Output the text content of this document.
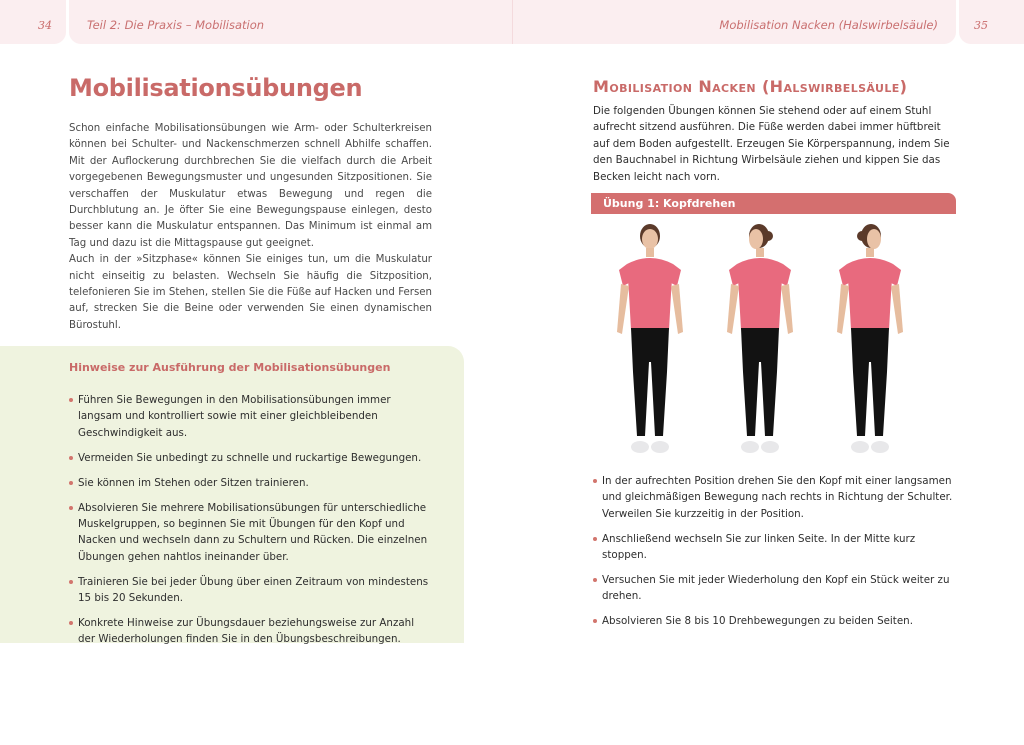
34	Teil 2: Die Praxis – Mobilisation	Mobilisation Nacken (Halswirbelsäule)	35
Mobilisationsübungen

Schon einfache Mobilisationsübungen wie Arm- oder Schulterkreisen können bei Schulter- und Nackenschmerzen schnell Abhilfe schaffen. Mit der Auflockerung durchbrechen Sie die vielfach durch die Arbeit vorgegebenen Bewegungsmuster und ungesunden Sitzpositionen. Sie verschaffen der Muskulatur etwas Bewegung und regen die Durchblutung an. Je öfter Sie eine Bewegungspause einlegen, desto besser kann die Muskulatur entspannen. Das Minimum ist einmal am Tag und dazu ist die Mittagspause gut geeignet.

Auch in der »Sitzphase« können Sie einiges tun, um die Muskulatur nicht einseitig zu belasten. Wechseln Sie häufig die Sitzposition, telefonieren Sie im Stehen, stellen Sie die Füße auf Hacken und Fersen auf, strecken Sie die Beine oder verwenden Sie einen dynamischen Bürostuhl.

Hinweise zur Ausführung der Mobilisationsübungen
Führen Sie Bewegungen in den Mobilisationsübungen immer langsam und kontrolliert sowie mit einer gleichbleibenden Geschwindigkeit aus.
Vermeiden Sie unbedingt zu schnelle und ruckartige Bewegungen.
Sie können im Stehen oder Sitzen trainieren.
Absolvieren Sie mehrere Mobilisationsübungen für unterschiedliche Muskelgruppen, so beginnen Sie mit Übungen für den Kopf und Nacken und wechseln dann zu Schultern und Rücken. Die einzelnen Übungen gehen nahtlos ineinander über.
Trainieren Sie bei jeder Übung über einen Zeitraum von mindestens 15 bis 20 Sekunden.
Konkrete Hinweise zur Übungsdauer beziehungsweise zur Anzahl der Wiederholungen finden Sie in den Übungsbeschreibungen.
Mobilisation Nacken (Halswirbelsäule)

Die folgenden Übungen können Sie stehend oder auf einem Stuhl aufrecht sitzend ausführen. Die Füße werden dabei immer hüftbreit auf dem Boden aufgestellt. Erzeugen Sie Körperspannung, indem Sie den Bauchnabel in Richtung Wirbelsäule ziehen und kippen Sie das Becken leicht nach vorn.

Übung 1: Kopfdrehen
In der aufrechten Position drehen Sie den Kopf mit einer langsamen und gleichmäßigen Bewegung nach rechts in Richtung der Schulter. Verweilen Sie kurzzeitig in der Position.
Anschließend wechseln Sie zur linken Seite. In der Mitte kurz stoppen.
Versuchen Sie mit jeder Wiederholung den Kopf ein Stück weiter zu drehen.
Absolvieren Sie 8 bis 10 Drehbewegungen zu beiden Seiten.
